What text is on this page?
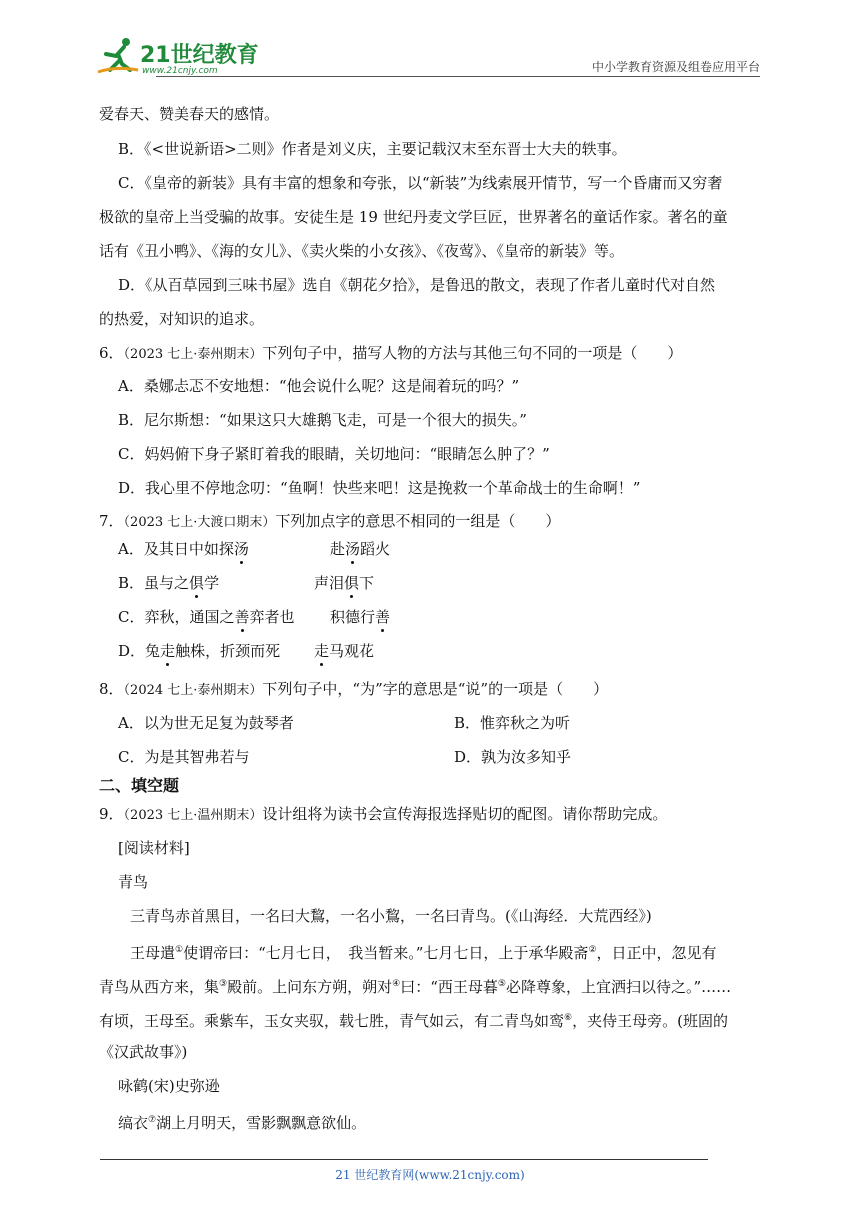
21世纪教育
www.21cnjy.com	中小学教育资源及组卷应用平台
爱春天、赞美春天的感情。
B．《<世说新语>二则》作者是刘义庆，主要记载汉末至东晋士大夫的轶事。
C．《皇帝的新装》具有丰富的想象和夸张，以“新装”为线索展开情节，写一个昏庸而又穷奢
极欲的皇帝上当受骗的故事。安徒生是 19 世纪丹麦文学巨匠，世界著名的童话作家。著名的童
话有《丑小鸭》、《海的女儿》、《卖火柴的小女孩》、《夜莺》、《皇帝的新装》等。
D．《从百草园到三味书屋》选自《朝花夕拾》，是鲁迅的散文，表现了作者儿童时代对自然
的热爱，对知识的追求。
6．（2023 七上·泰州期末）下列句子中，描写人物的方法与其他三句不同的一项是（　　）
A．桑娜忐忑不安地想：“他会说什么呢？这是闹着玩的吗？”
B．尼尔斯想：“如果这只大雄鹅飞走，可是一个很大的损失。”
C．妈妈俯下身子紧盯着我的眼睛，关切地问：“眼睛怎么肿了？”
D．我心里不停地念叨：“鱼啊！快些来吧！这是挽救一个革命战士的生命啊！”
7．（2023 七上·大渡口期末）下列加点字的意思不相同的一组是（　　）
A．及其日中如探汤	赴汤蹈火
B．虽与之俱学	声泪俱下
C．弈秋，通国之善弈者也 积德行善
D．兔走触株，折颈而死 走马观花
8．（2024 七上·泰州期末）下列句子中，“为”字的意思是“说”的一项是（　　）
A．以为世无足复为鼓琴者	B．惟弈秋之为听
C．为是其智弗若与	D．孰为汝多知乎
二、填空题
9．（2023 七上·温州期末）设计组将为读书会宣传海报选择贴切的配图。请你帮助完成。
[阅读材料]
青鸟
三青鸟赤首黑目，一名曰大鵹，一名小鵹，一名曰青鸟。(《山海经．大荒西经》)
王母遣①使谓帝曰：“七月七日，　我当暂来。”七月七日，上于承华殿斋②，日正中，忽见有
青鸟从西方来，集③殿前。上问东方朔，朔对④曰：“西王母暮⑤必降尊象，上宜洒扫以待之。”……
有顷，王母至。乘紫车，玉女夹驭，载七胜，青气如云，有二青鸟如鸾⑥，夹侍王母旁。(班固的
《汉武故事》)
咏鹤(宋)史弥逊
缟衣⑦湖上月明天，雪影飘飘意欲仙。
21 世纪教育网(www.21cnjy.com)
